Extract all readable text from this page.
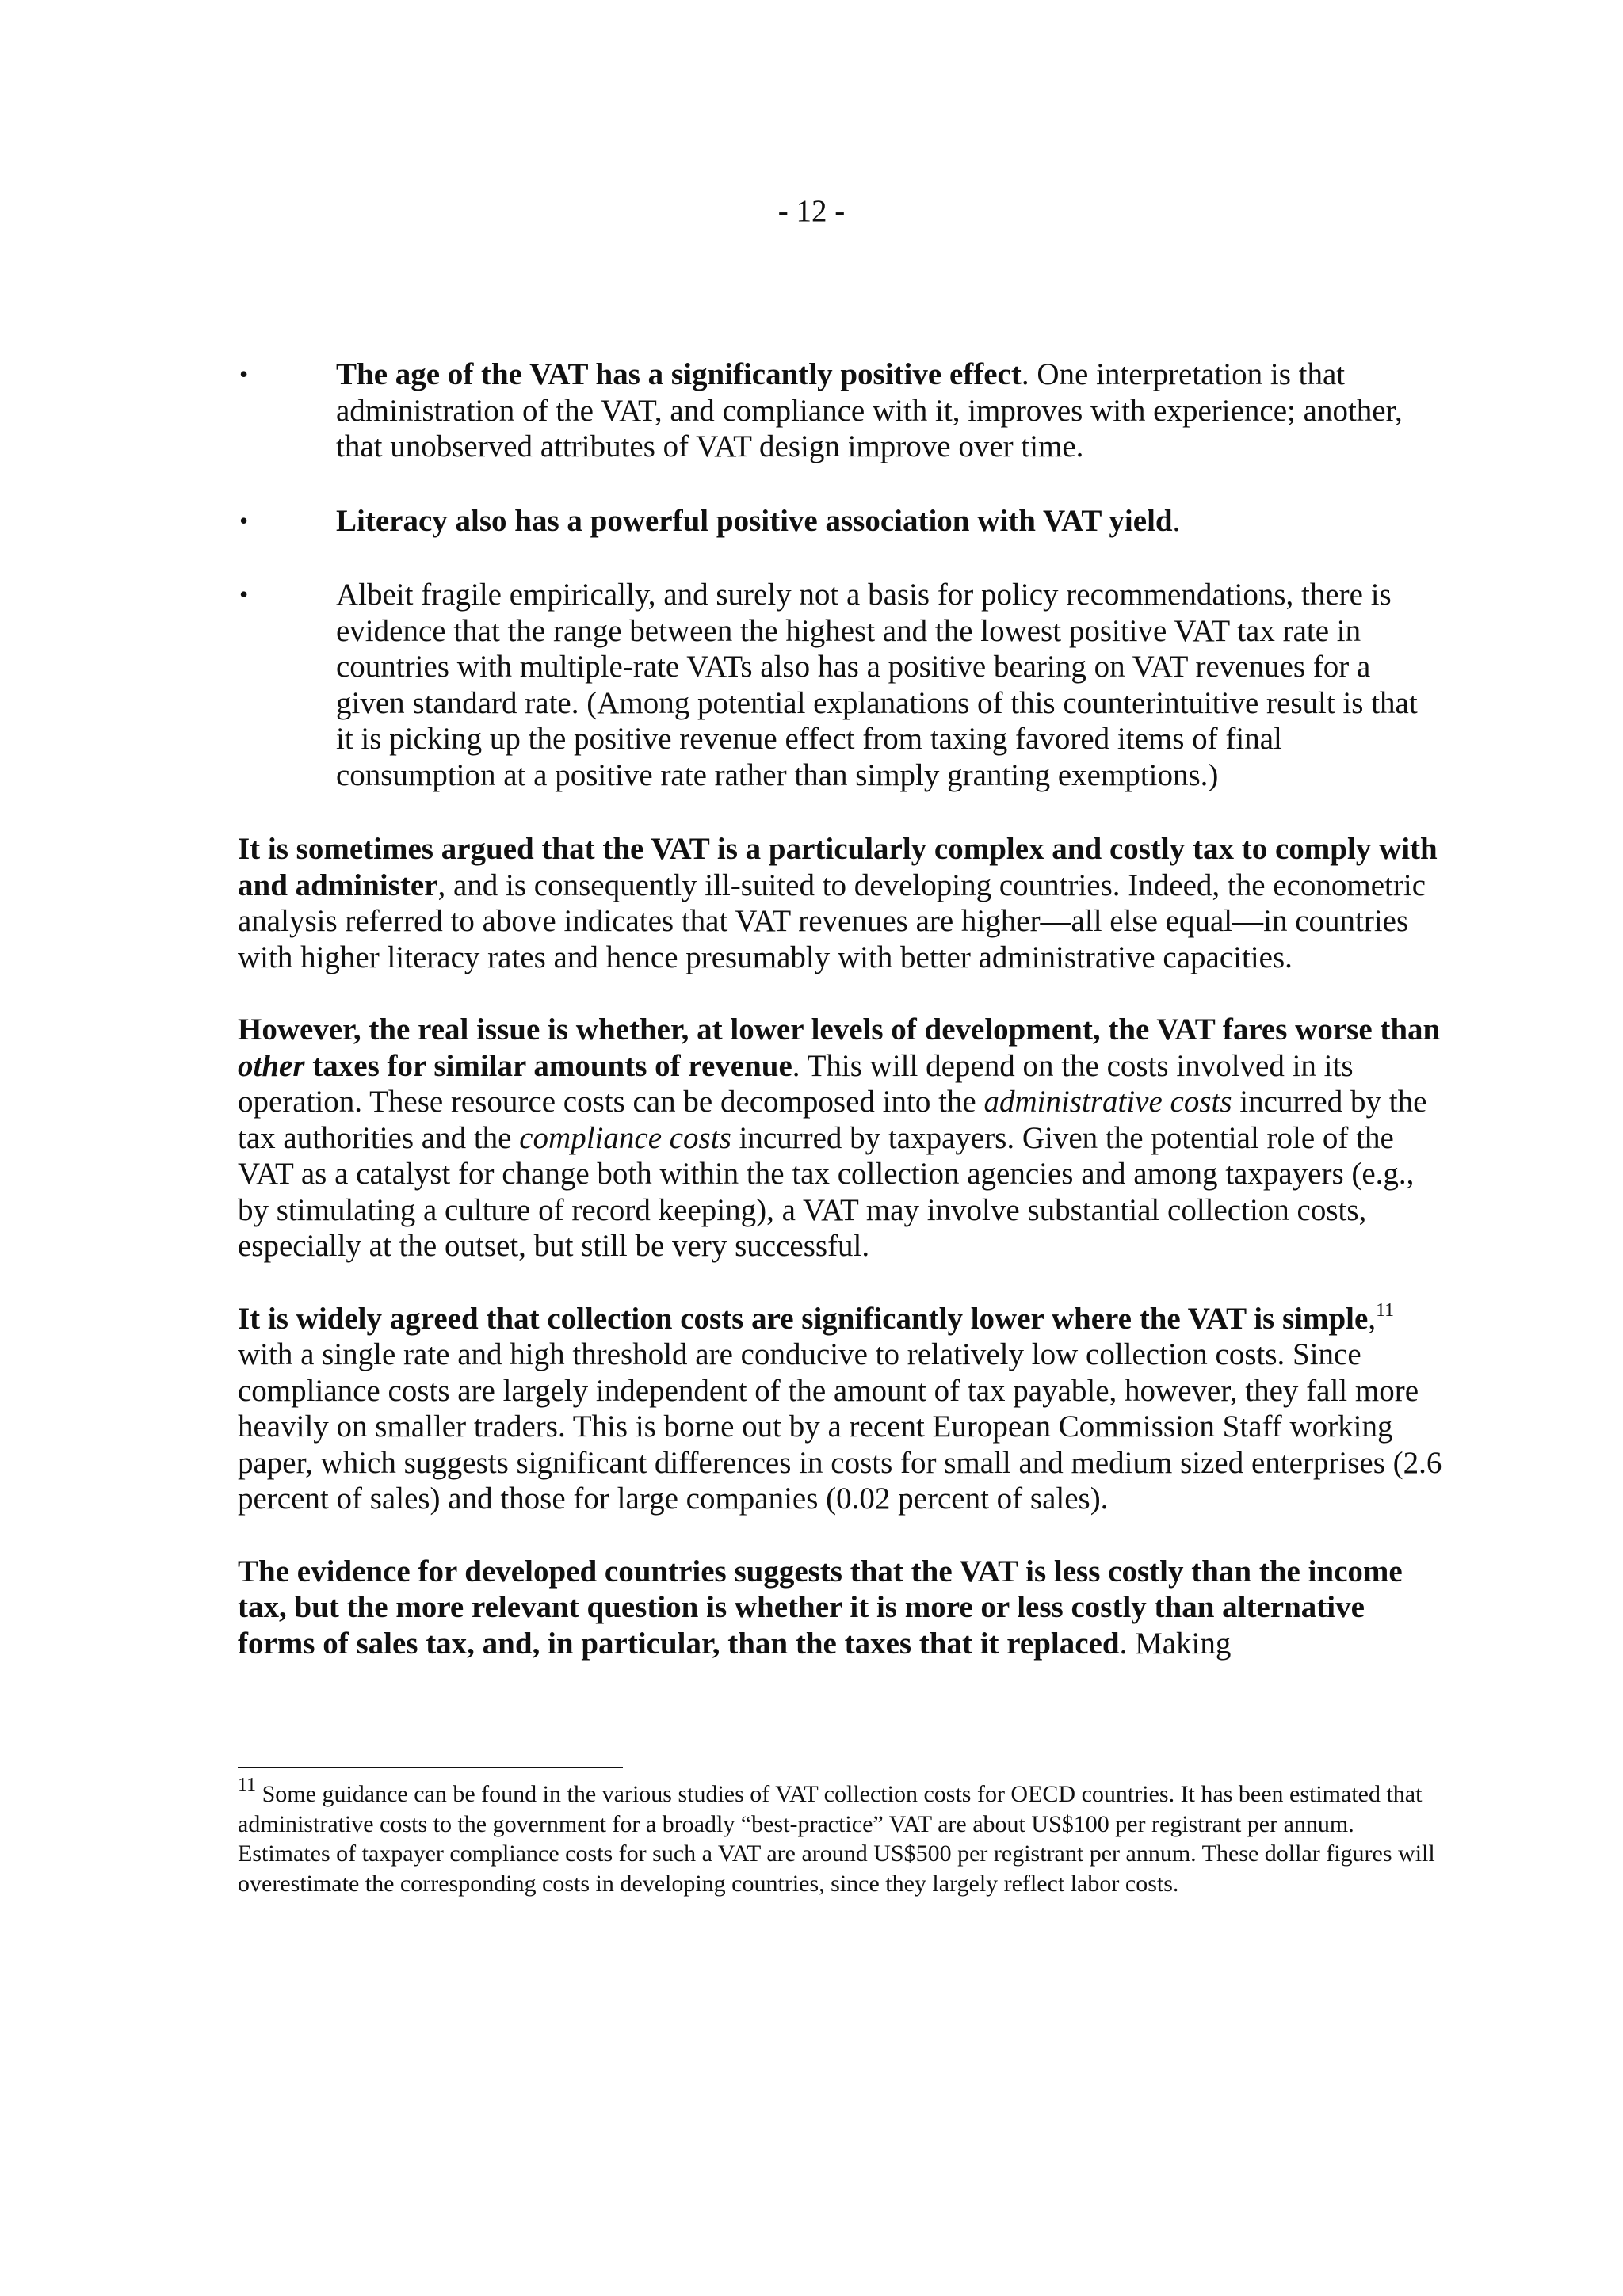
- 12 -
•	The age of the VAT has a significantly positive effect. One interpretation is that administration of the VAT, and compliance with it, improves with experience; another, that unobserved attributes of VAT design improve over time.
•	Literacy also has a powerful positive association with VAT yield.
•	Albeit fragile empirically, and surely not a basis for policy recommendations, there is evidence that the range between the highest and the lowest positive VAT tax rate in countries with multiple-rate VATs also has a positive bearing on VAT revenues for a given standard rate. (Among potential explanations of this counterintuitive result is that it is picking up the positive revenue effect from taxing favored items of final consumption at a positive rate rather than simply granting exemptions.)

It is sometimes argued that the VAT is a particularly complex and costly tax to comply with and administer, and is consequently ill-suited to developing countries. Indeed, the econometric analysis referred to above indicates that VAT revenues are higher—all else equal—in countries with higher literacy rates and hence presumably with better administrative capacities.

However, the real issue is whether, at lower levels of development, the VAT fares worse than other taxes for similar amounts of revenue. This will depend on the costs involved in its operation. These resource costs can be decomposed into the administrative costs incurred by the tax authorities and the compliance costs incurred by taxpayers. Given the potential role of the VAT as a catalyst for change both within the tax collection agencies and among taxpayers (e.g., by stimulating a culture of record keeping), a VAT may involve substantial collection costs, especially at the outset, but still be very successful.

It is widely agreed that collection costs are significantly lower where the VAT is simple,$^{11}$ with a single rate and high threshold are conducive to relatively low collection costs. Since compliance costs are largely independent of the amount of tax payable, however, they fall more heavily on smaller traders. This is borne out by a recent European Commission Staff working paper, which suggests significant differences in costs for small and medium sized enterprises (2.6 percent of sales) and those for large companies (0.02 percent of sales).

The evidence for developed countries suggests that the VAT is less costly than the income tax, but the more relevant question is whether it is more or less costly than alternative forms of sales tax, and, in particular, than the taxes that it replaced. Making

$^{11}$ Some guidance can be found in the various studies of VAT collection costs for OECD countries. It has been estimated that administrative costs to the government for a broadly “best-practice” VAT are about US$100 per registrant per annum. Estimates of taxpayer compliance costs for such a VAT are around US$500 per registrant per annum. These dollar figures will overestimate the corresponding costs in developing countries, since they largely reflect labor costs.
